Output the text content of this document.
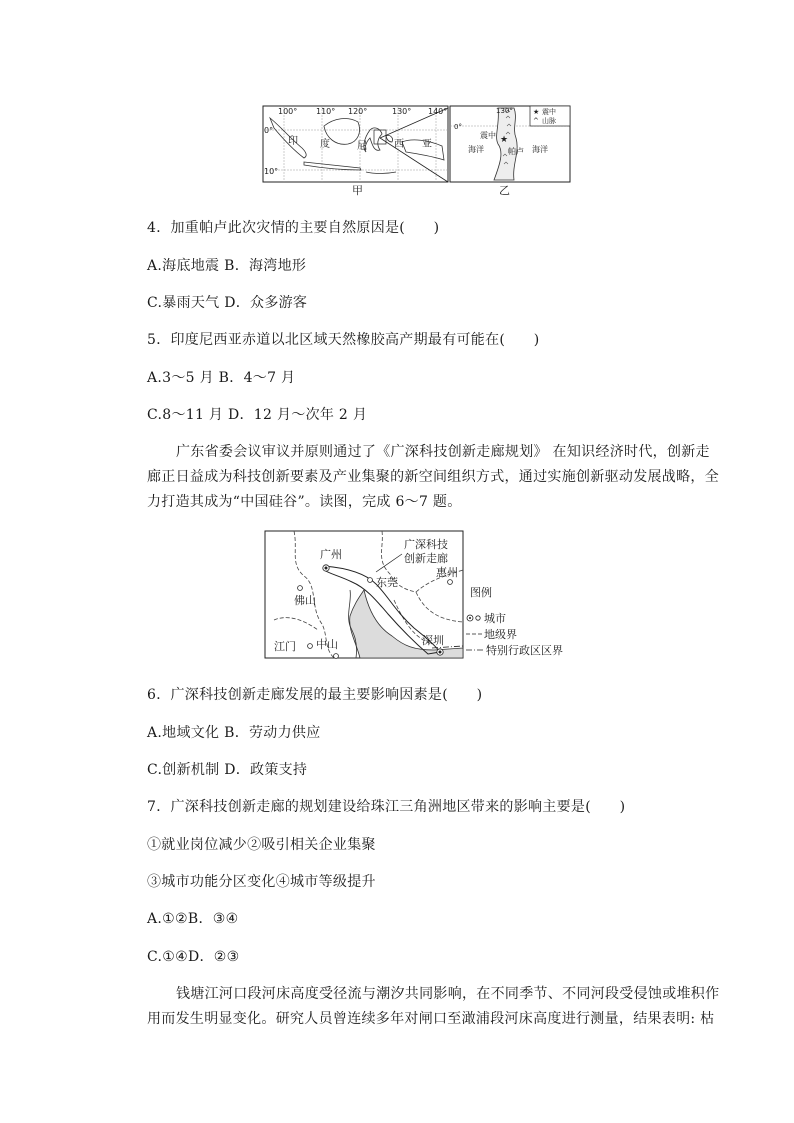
100° 110° 120°	130° 140°
0°
10°
印 度	尼	西 亚	★
130°
0°
震中
帕卢
海洋	海洋
★ 震中
^ 山脉
甲	乙
4．加重帕卢此次灾情的主要自然原因是(　　)
A.海底地震 B．海湾地形
C.暴雨天气 D．众多游客
5．印度尼西亚赤道以北区域天然橡胶高产期最有可能在(　　)
A.3～5 月 B．4～7 月
C.8～11 月 D．12 月～次年 2 月
广东省委会议审议并原则通过了《广深科技创新走廊规划》 在知识经济时代，创新走
廊正日益成为科技创新要素及产业集聚的新空间组织方式，通过实施创新驱动发展战略，全
力打造其成为“中国硅谷”。读图，完成 6～7 题。
广州
东莞
惠州
佛山
江门 中山	深圳
广深科技
创新走廊
图例
城市
地级界
特别行政区区界
6．广深科技创新走廊发展的最主要影响因素是(　　)
A.地域文化 B．劳动力供应
C.创新机制 D．政策支持
7．广深科技创新走廊的规划建设给珠江三角洲地区带来的影响主要是(　　)
①就业岗位减少②吸引相关企业集聚
③城市功能分区变化④城市等级提升
A.①②B．③④
C.①④D．②③
钱塘江河口段河床高度受径流与潮汐共同影响，在不同季节、不同河段受侵蚀或堆积作
用而发生明显变化。研究人员曾连续多年对闸口至澉浦段河床高度进行测量，结果表明: 枯
